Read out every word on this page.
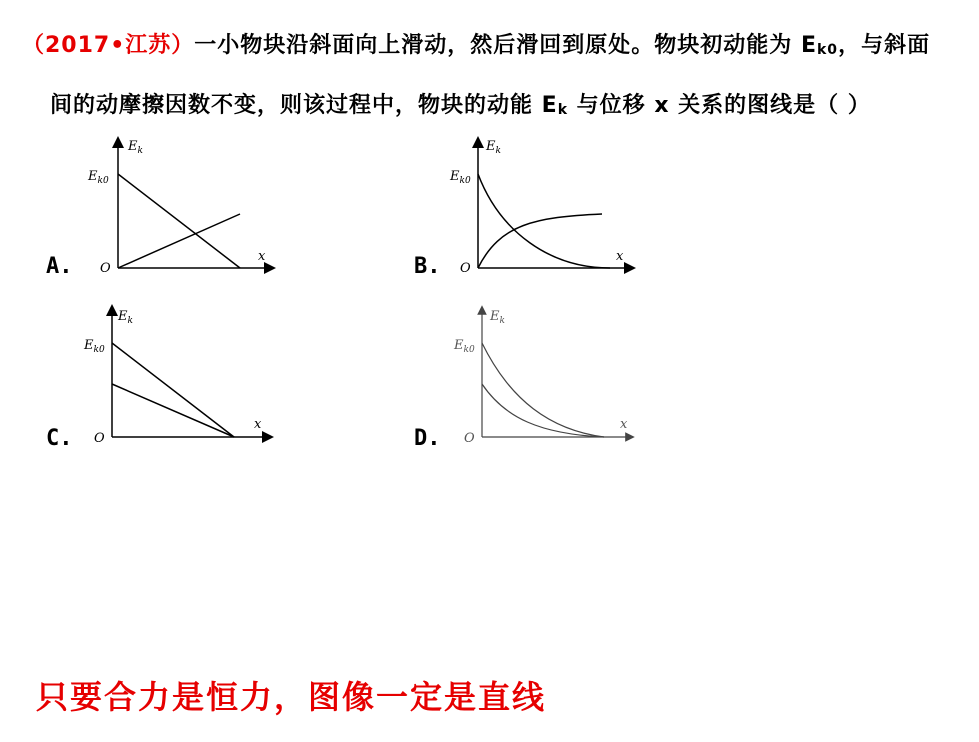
（2017•江苏）一小物块沿斜面向上滑动，然后滑回到原处。物块初动能为 $E_{k0}$，与斜面
间的动摩擦因数不变，则该过程中，物块的动能 $E_k$ 与位移 x 关系的图线是（ ）
$E_k$
$E_{k0}$
x
O
A.
$E_k$
$E_{k0}$
x
O
B.
$E_k$
$E_{k0}$
x
O
C.
$E_k$
$E_{k0}$
x
O
D.
只要合力是恒力，图像一定是直线
